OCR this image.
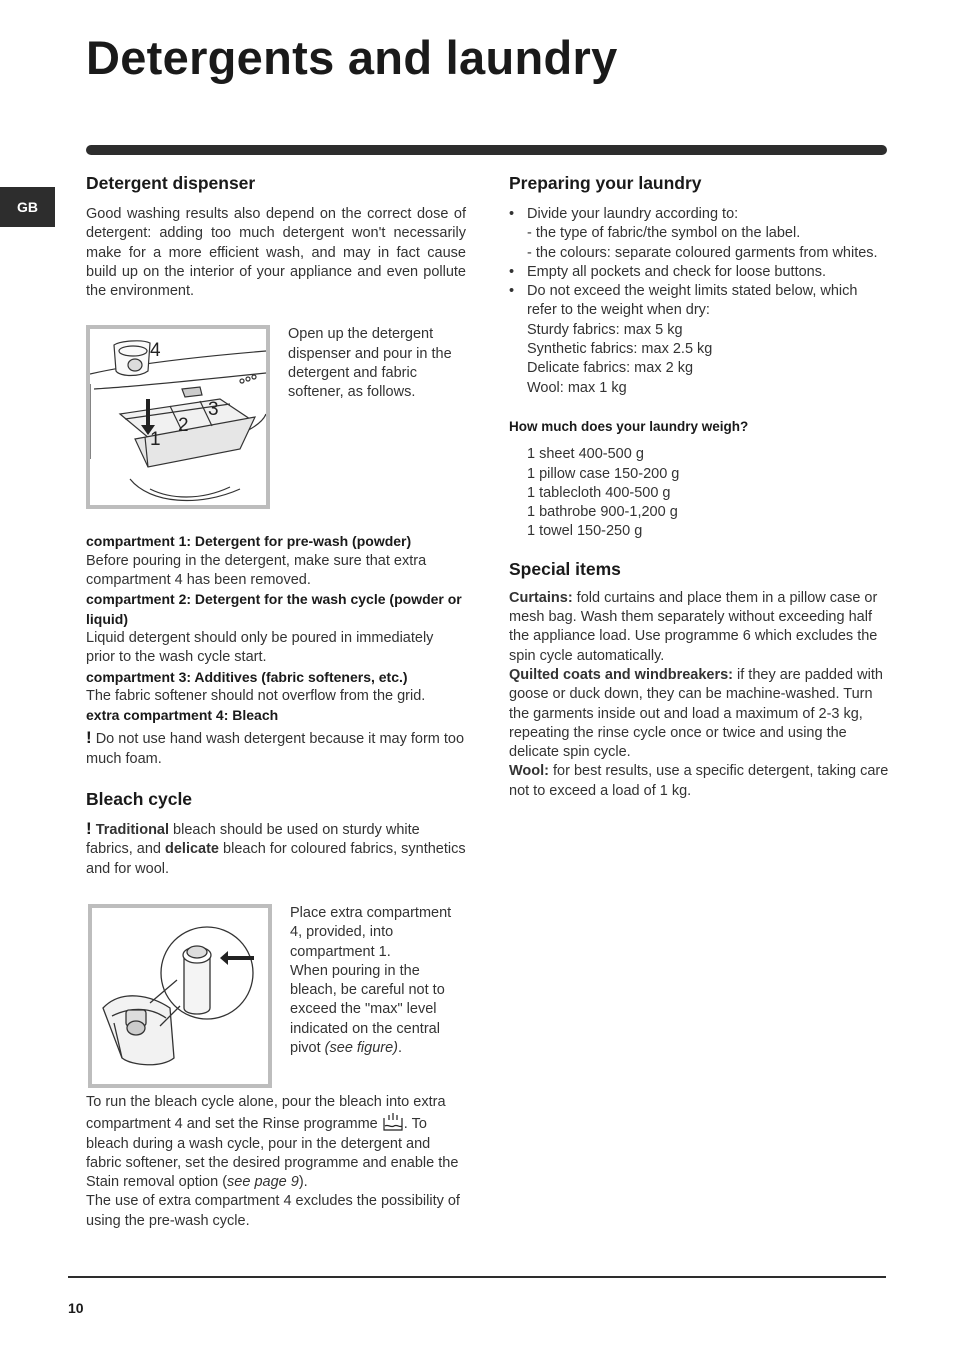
Detergents and laundry
GB
Detergent dispenser

Good washing results also depend on the correct dose of detergent: adding too much detergent won't necessarily make for a more efficient wash, and may in fact cause build up on the interior of your appliance and even pollute the environment.

4
3
2
1

Open up the detergent dispenser and pour in the detergent and fabric softener, as follows.

compartment 1: Detergent for pre-wash (powder)

Before pouring in the detergent, make sure that extra compartment 4 has been removed.

compartment 2: Detergent for the wash cycle (powder or liquid)

Liquid detergent should only be poured in immediately prior to the wash cycle start.

compartment 3: Additives (fabric softeners, etc.)

The fabric softener should not overflow from the grid.

extra compartment 4: Bleach

! Do not use hand wash detergent because it may form too much foam.

Bleach cycle

! Traditional bleach should be used on sturdy white fabrics, and delicate bleach for coloured fabrics, synthetics and for wool.

Place extra compartment 4, provided, into compartment 1.

When pouring in the bleach, be careful not to exceed the "max" level indicated on the central pivot (see figure).

To run the bleach cycle alone, pour the bleach into extra compartment 4 and set the Rinse programme . To bleach during a wash cycle, pour in the detergent and fabric softener, set the desired programme and enable the Stain removal option (see page 9).

The use of extra compartment 4 excludes the possibility of using the pre-wash cycle.

Preparing your laundry
• Divide your laundry according to:
- the type of fabric/the symbol on the label.
- the colours: separate coloured garments from whites.
• Empty all pockets and check for loose buttons.
• Do not exceed the weight limits stated below, which refer to the weight when dry:
Sturdy fabrics: max 5 kg
Synthetic fabrics: max 2.5 kg
Delicate fabrics: max 2 kg
Wool: max 1 kg
How much does your laundry weigh?
1 sheet 400-500 g
1 pillow case 150-200 g
1 tablecloth 400-500 g
1 bathrobe 900-1,200 g
1 towel 150-250 g
Special items

Curtains: fold curtains and place them in a pillow case or mesh bag. Wash them separately without exceeding half the appliance load. Use programme 6 which excludes the spin cycle automatically.
Quilted coats and windbreakers: if they are padded with goose or duck down, they can be machine-washed. Turn the garments inside out and load a maximum of 2-3 kg, repeating the rinse cycle once or twice and using the delicate spin cycle.
Wool: for best results, use a specific detergent, taking care not to exceed a load of 1 kg.

10
